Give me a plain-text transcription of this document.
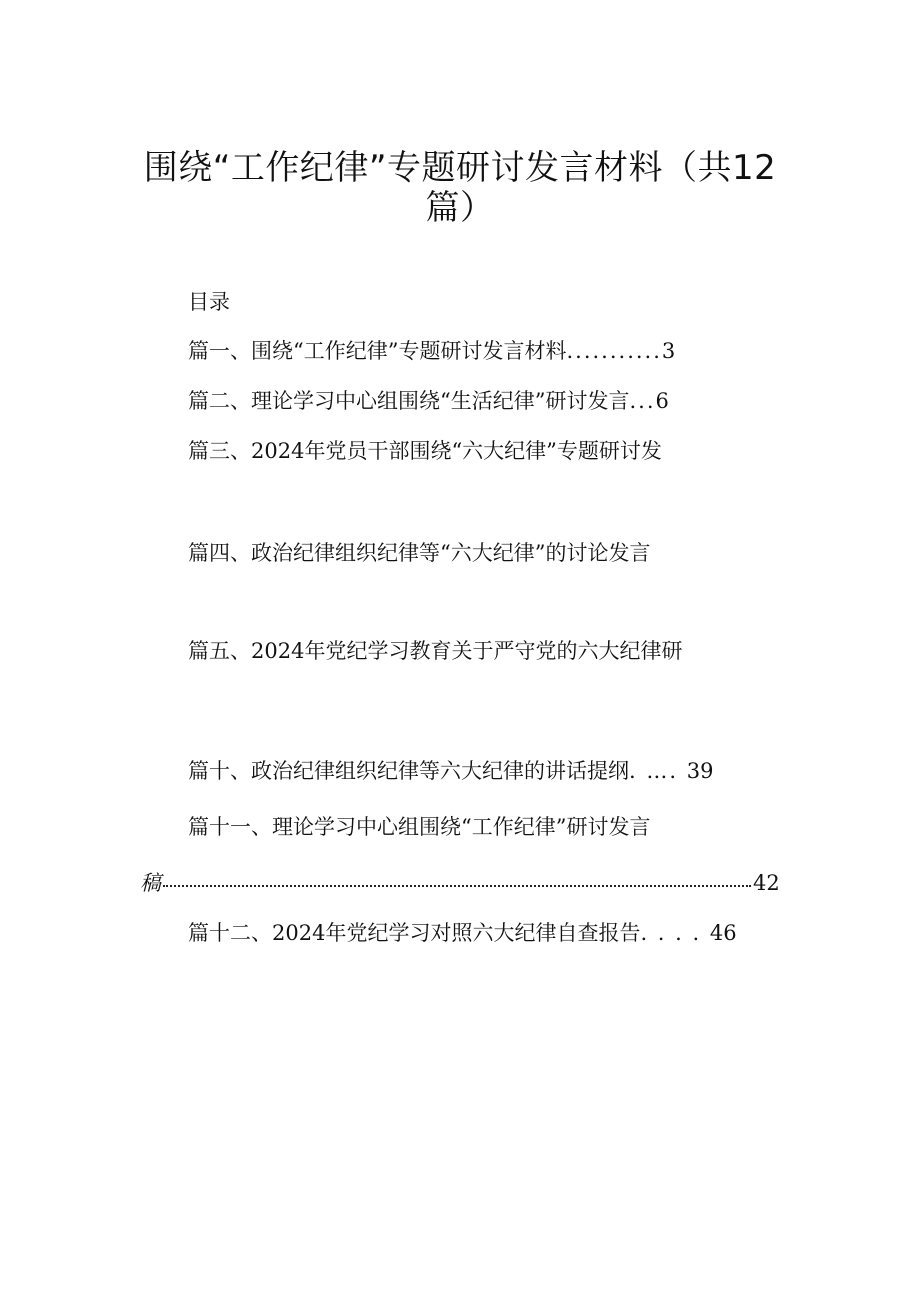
围绕“工作纪律”专题研讨发言材料（共12
篇）
目录
篇一、围绕“工作纪律”专题研讨发言材料...........3
篇二、理论学习中心组围绕“生活纪律”研讨发言...6
篇三、2024年党员干部围绕“六大纪律”专题研讨发
篇四、政治纪律组织纪律等“六大纪律”的讨论发言
篇五、2024年党纪学习教育关于严守党的六大纪律研
篇十、政治纪律组织纪律等六大纪律的讲话提纲. …. 39
篇十一、理论学习中心组围绕“工作纪律”研讨发言
稿	42
篇十二、2024年党纪学习对照六大纪律自查报告. . . . 46
